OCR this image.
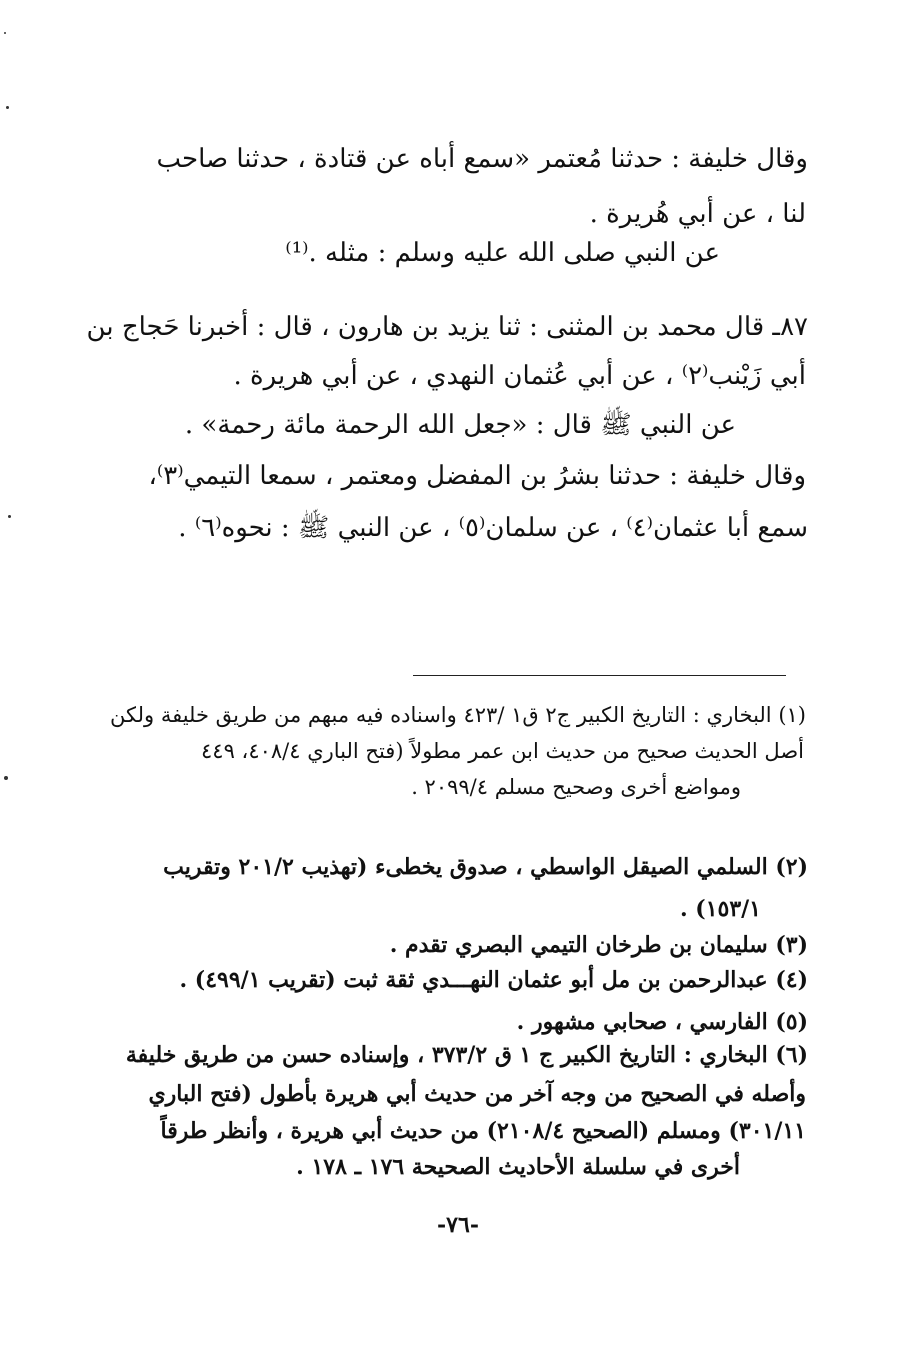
وقال خليفة : حدثنا مُعتمر «سمع أباه عن قتادة ، حدثنا صاحب
لنا ، عن أبي هُريرة .
عن النبي صلى الله عليه وسلم : مثله .⁽¹⁾
٨٧ـ قال محمد بن المثنى : ثنا يزيد بن هارون ، قال : أخبرنا حَجاج بن
أبي زَيْنب⁽٢⁾ ، عن أبي عُثمان النهدي ، عن أبي هريرة .
عن النبي ﷺ قال : «جعل الله الرحمة مائة رحمة» .
وقال خليفة : حدثنا بشرُ بن المفضل ومعتمر ، سمعا التيمي⁽٣⁾،
سمع أبا عثمان⁽٤⁾ ، عن سلمان⁽٥⁾ ، عن النبي ﷺ : نحوه⁽٦⁾ .
(١) البخاري : التاريخ الكبير ج٢ ق١ /٤٢٣ واسناده فيه مبهم من طريق خليفة ولكن
أصل الحديث صحيح من حديث ابن عمر مطولاً (فتح الباري ٤٠٨/٤، ٤٤٩
ومواضع أخرى وصحيح مسلم ٢٠٩٩/٤ .
(٢) السلمي الصيقل الواسطي ، صدوق يخطىء (تهذيب ٢٠١/٢ وتقريب
١٥٣/١) .
(٣) سليمان بن طرخان التيمي البصري تقدم .
(٤) عبدالرحمن بن مل أبو عثمان النهـــدي ثقة ثبت (تقريب ٤٩٩/١) .
(٥) الفارسي ، صحابي مشهور .
(٦) البخاري : التاريخ الكبير ج ١ ق ٣٧٣/٢ ، وإسناده حسن من طريق خليفة
وأصله في الصحيح من وجه آخر من حديث أبي هريرة بأطول (فتح الباري
٣٠١/١١) ومسلم (الصحيح ٢١٠٨/٤) من حديث أبي هريرة ، وأنظر طرقاً
أخرى في سلسلة الأحاديث الصحيحة ١٧٦ ـ ١٧٨ .
-٧٦-
